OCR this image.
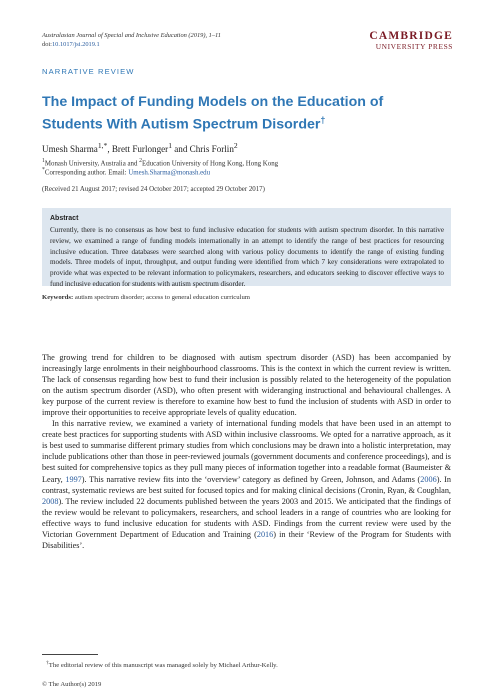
Australasian Journal of Special and Inclusive Education (2019), 1–11
doi:10.1017/jsi.2019.1
CAMBRIDGE
UNIVERSITY PRESS
NARRATIVE REVIEW
The Impact of Funding Models on the Education of
Students With Autism Spectrum Disorder†
Umesh Sharma$^{1,*}$, Brett Furlonger$^1$ and Chris Forlin$^2$
$^1$Monash University, Australia and $^2$Education University of Hong Kong, Hong Kong
*Corresponding author. Email: Umesh.Sharma@monash.edu
(Received 21 August 2017; revised 24 October 2017; accepted 29 October 2017)
Abstract
Currently, there is no consensus as how best to fund inclusive education for students with autism spectrum disorder. In this narrative review, we examined a range of funding models internationally in an attempt to identify the range of best practices for resourcing inclusive education. Three databases were searched along with various policy documents to identify the range of existing funding models. Three models of input, throughput, and output funding were identified from which 7 key considerations were extrapolated to provide what was expected to be relevant information to policymakers, researchers, and educators seeking to discover effective ways to fund inclusive education for students with autism spectrum disorder.
Keywords: autism spectrum disorder; access to general education curriculum

The growing trend for children to be diagnosed with autism spectrum disorder (ASD) has been accompanied by increasingly large enrolments in their neighbourhood classrooms. This is the context in which the current review is written. The lack of consensus regarding how best to fund their inclusion is possibly related to the heterogeneity of the population on the autism spectrum disorder (ASD), who often present with wideranging instructional and behavioural challenges. A key purpose of the current review is therefore to examine how best to fund the inclusion of students with ASD in order to improve their opportunities to receive appropriate levels of quality education.

In this narrative review, we examined a variety of international funding models that have been used in an attempt to create best practices for supporting students with ASD within inclusive classrooms. We opted for a narrative approach, as it is best used to summarise different primary studies from which conclusions may be drawn into a holistic interpretation, may include publications other than those in peer-reviewed journals (government documents and conference proceedings), and is best suited for comprehensive topics as they pull many pieces of information together into a readable format (Baumeister & Leary, 1997). This narrative review fits into the ‘overview’ category as defined by Green, Johnson, and Adams (2006). In contrast, systematic reviews are best suited for focused topics and for making clinical decisions (Cronin, Ryan, & Coughlan, 2008). The review included 22 documents published between the years 2003 and 2015. We anticipated that the findings of the review would be relevant to policymakers, researchers, and school leaders in a range of countries who are looking for effective ways to fund inclusive education for students with ASD. Findings from the current review were used by the Victorian Government Department of Education and Training (2016) in their ‘Review of the Program for Students with Disabilities’.

†The editorial review of this manuscript was managed solely by Michael Arthur-Kelly.
© The Author(s) 2019
